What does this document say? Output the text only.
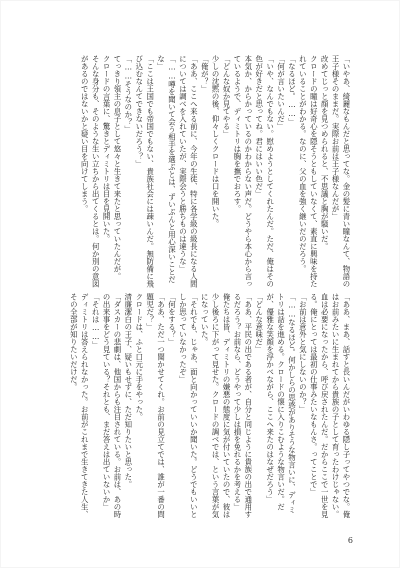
「いやあ、綺麗なもんだと思ってな。金の髪に青い瞳なんて、物語の王子様そのままだ。実際お前は王子様なんだが」
改めてじっと顔を見つめられると、不思議と胸が騒いだ。
クロードの瞳は好奇心を隠そうともしていなくて、素直に興味を持たれていることがわかる。なのに、父の血を強く継いだのだろう。
「なるほど。……」
「何が言いたいんだ」
「いや、なんでもない。慰めようとしてくれたんだ。ただ、俺はその色が好きだと思ってね。君にはいい色だ」
本気か、からかっているのかわからない声だ。どうやら本心から言っているようで、ディミトリは胸を撫でおろす。
「どんな奴か見てやる」
少しの沈黙の後、仰々しくクロードは口を開いた。
「俺が？」
「ああ、ここへ来る前に、今年の生徒、特に各学級の級長になる人間については調べを入れていたが、実際会うと勝ちものは違うな」
「……噂を聞いて会う相手を選ぶとは、ずいぶんと用心深いことだな」
「ここは王国でも帝国でもない、貴族社会には疎いんだ。無防備に飛び込むなんてできないだろう？」
「……そうなのか？」
てっきり領主の息子として悠々と生きて来たと思っていたんだが。
クロードの言葉に、驚きとディミトリは目を見開いた。
そんな身分も、そのような生い立ちから出てくるとは。何か別の意図があるのではないかと疑い目を向けてしまう。
「ああ、まあ、話すと長いんだがいわゆる隠し子ってやつでな。俺はお前みたいに生まれてから貴族の子として育ったわけじゃない。血は必要になったから、呼び戻されたんだ。だからここで一世を見る。俺にとっては最初の仕事みたいなもんさ。ってことで」
「お前は意外と気にしないのか？」
「……なるほど。何かしらの思惑がありそうな物言いに、ディミトリは話を進める。クロードの懐に入りこむような物言いだ。だが、優雅な笑顔を浮かべながら、ここへ来たのはなぜだろう」
「どんな意味だ」
「ああ、平民の出である者が、自分と同じように貴族の出で通用するだろう？お前なら、どうやって少しは損を免れるかを考える」
俺たちは皆、ディミトリの嫌悪の態度に気が付いていたので、彼は少し後ろに下がって見せた。クロードの調べでは、という言葉が気になっていた。
「それでも、じゃあ、面と向かっていいか聞いた。どうでもいいとしか思っていなかったぞ」
「何をする？」
「ああ、ただ一つ聞かせてくれ。お前の見立てでは、誰が一番の問題児だ？」
クロードは、ふと口元に手をやった。
清廉潔白の王子、疑いもせずに、ただ知りたいと思った。
「ダスカーの悲劇は、他国からも注目されている。お前は、あの時の出来事をどう見ている？それとも、まだ答えは出ていないか」
「それは……」
ディミトリは答えられなかった。お前がこれまで生きてきた人生、その全部が知りたいだけだ。
6
